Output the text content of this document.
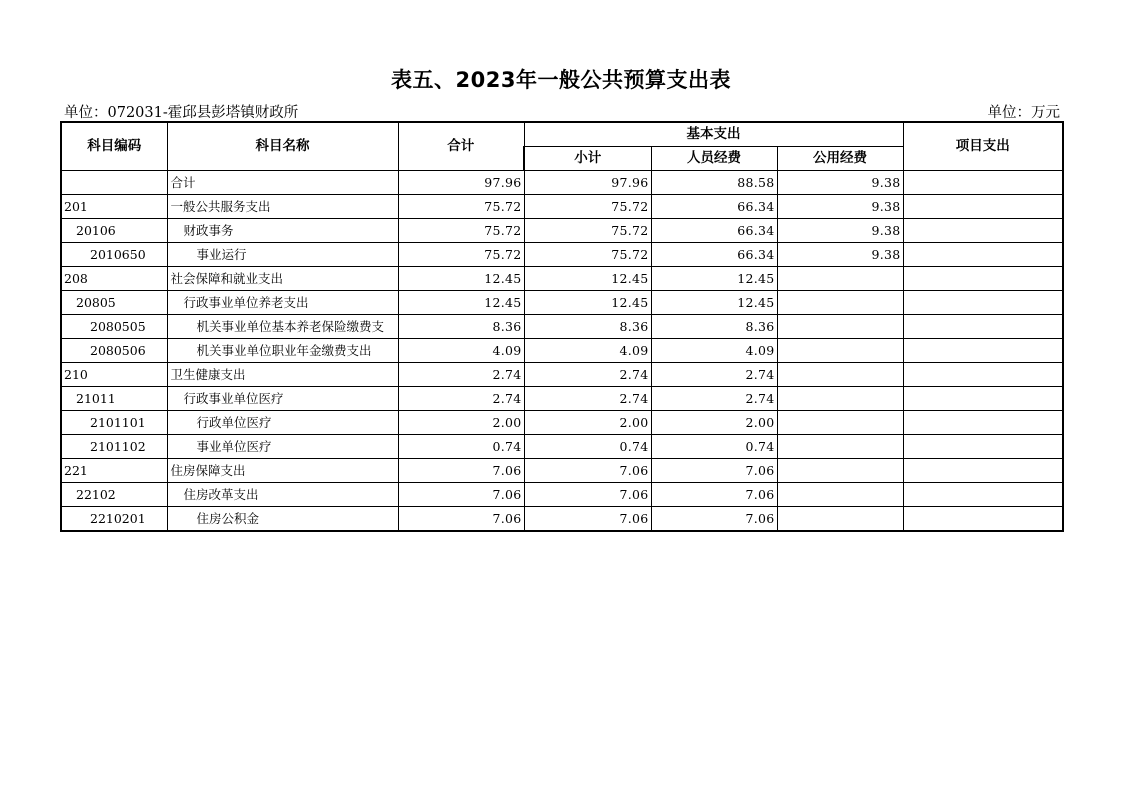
表五、2023年一般公共预算支出表
单位：072031-霍邱县彭塔镇财政所	单位：万元
科目编码	科目名称	合计	基本支出			项目支出
			小计	人员经费	公用经费	
	合计	97.96	97.96	88.58	9.38	
201	一般公共服务支出	75.72	75.72	66.34	9.38	
20106	财政事务	75.72	75.72	66.34	9.38	
2010650	事业运行	75.72	75.72	66.34	9.38	
208	社会保障和就业支出	12.45	12.45	12.45		
20805	行政事业单位养老支出	12.45	12.45	12.45		
2080505	机关事业单位基本养老保险缴费支	8.36	8.36	8.36		
2080506	机关事业单位职业年金缴费支出	4.09	4.09	4.09		
210	卫生健康支出	2.74	2.74	2.74		
21011	行政事业单位医疗	2.74	2.74	2.74		
2101101	行政单位医疗	2.00	2.00	2.00		
2101102	事业单位医疗	0.74	0.74	0.74		
221	住房保障支出	7.06	7.06	7.06		
22102	住房改革支出	7.06	7.06	7.06		
2210201	住房公积金	7.06	7.06	7.06		
